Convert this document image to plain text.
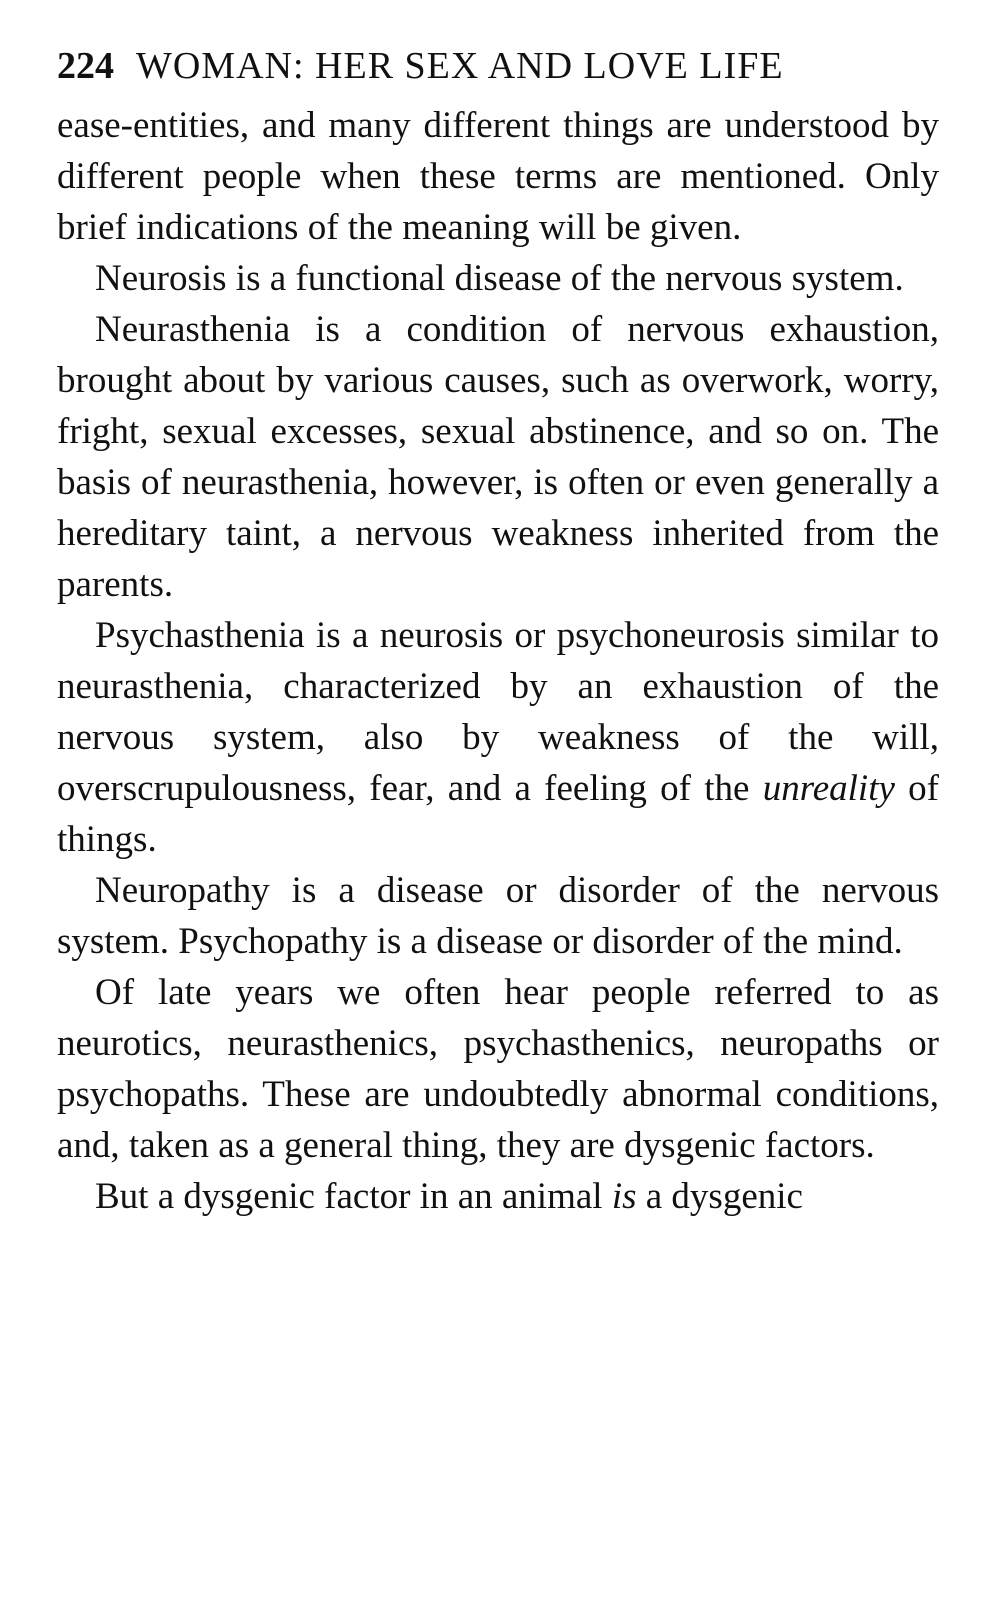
224 WOMAN: HER SEX AND LOVE LIFE

ease-entities, and many different things are understood by different people when these terms are mentioned. Only brief indications of the meaning will be given.

Neurosis is a functional disease of the nervous system.

Neurasthenia is a condition of nervous exhaustion, brought about by various causes, such as overwork, worry, fright, sexual excesses, sexual abstinence, and so on. The basis of neurasthenia, however, is often or even generally a hereditary taint, a nervous weakness inherited from the parents.

Psychasthenia is a neurosis or psychoneurosis similar to neurasthenia, characterized by an exhaustion of the nervous system, also by weakness of the will, overscrupulousness, fear, and a feeling of the unreality of things.

Neuropathy is a disease or disorder of the nervous system. Psychopathy is a disease or disorder of the mind.

Of late years we often hear people referred to as neurotics, neurasthenics, psychasthenics, neuropaths or psychopaths. These are undoubtedly abnormal conditions, and, taken as a general thing, they are dysgenic factors.

But a dysgenic factor in an animal is a dysgenic
